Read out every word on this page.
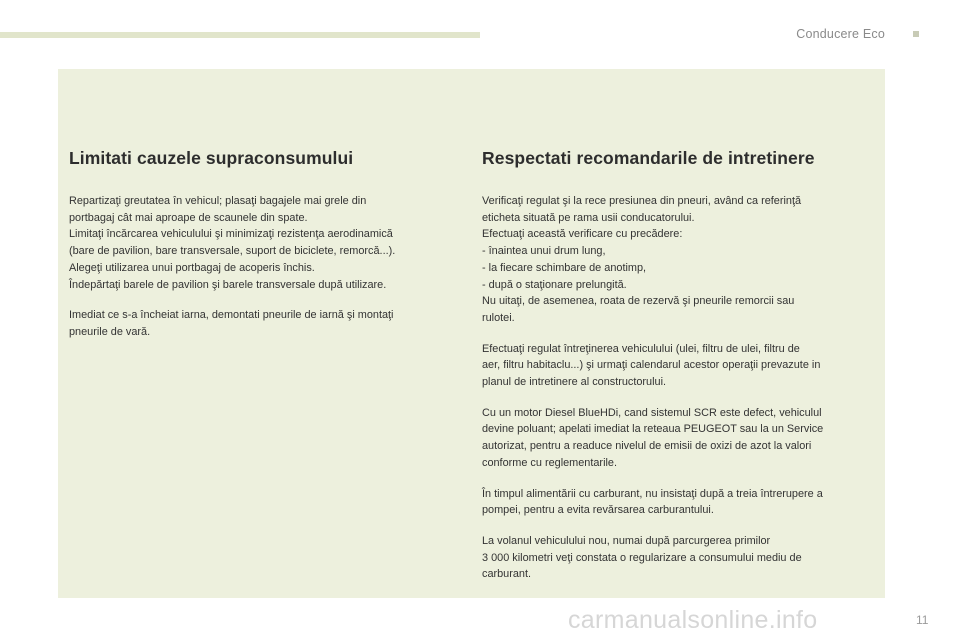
Conducere Eco
Limitati cauzele supraconsumului

Repartizaţi greutatea în vehicul; plasaţi bagajele mai grele din
portbagaj cât mai aproape de scaunele din spate.
Limitaţi încărcarea vehiculului şi minimizaţi rezistenţa aerodinamică
(bare de pavilion, bare transversale, suport de biciclete, remorcă...).
Alegeţi utilizarea unui portbagaj de acoperis închis.
Îndepărtaţi barele de pavilion şi barele transversale după utilizare.

Imediat ce s-a încheiat iarna, demontati pneurile de iarnă şi montaţi
pneurile de vară.

Respectati recomandarile de intretinere

Verificaţi regulat şi la rece presiunea din pneuri, având ca referinţă
eticheta situată pe rama usii conducatorului.
Efectuaţi această verificare cu precădere:
- înaintea unui drum lung,
- la fiecare schimbare de anotimp,
- după o staţionare prelungită.
Nu uitaţi, de asemenea, roata de rezervă şi pneurile remorcii sau
rulotei.

Efectuaţi regulat întreţinerea vehiculului (ulei, filtru de ulei, filtru de
aer, filtru habitaclu...) şi urmaţi calendarul acestor operaţii prevazute in
planul de intretinere al constructorului.

Cu un motor Diesel BlueHDi, cand sistemul SCR este defect, vehiculul
devine poluant; apelati imediat la reteaua PEUGEOT sau la un Service
autorizat, pentru a readuce nivelul de emisii de oxizi de azot la valori
conforme cu reglementarile.

În timpul alimentării cu carburant, nu insistaţi după a treia întrerupere a
pompei, pentru a evita revărsarea carburantului.

La volanul vehiculului nou, numai după parcurgerea primilor
3 000 kilometri veţi constata o regularizare a consumului mediu de
carburant.

11
carmanualsonline.info
